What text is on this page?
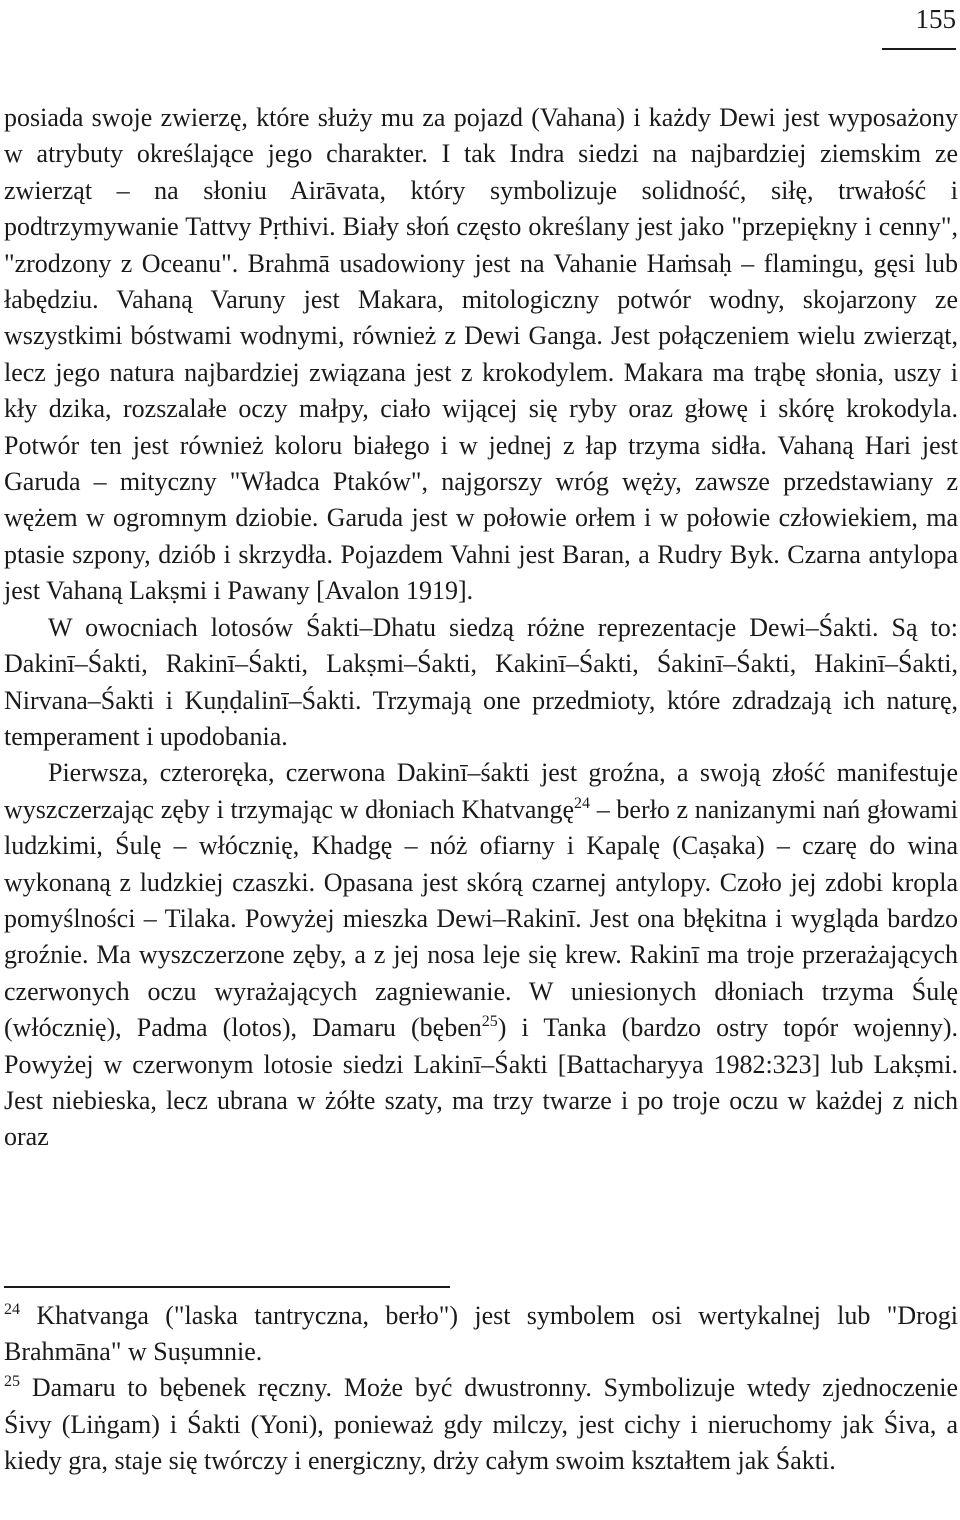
155

posiada swoje zwierzę, które służy mu za pojazd (Vahana) i każdy Dewi jest wyposażony w atrybuty określające jego charakter. I tak Indra siedzi na najbardziej ziemskim ze zwierząt – na słoniu Airāvata, który symbolizuje solidność, siłę, trwałość i podtrzymywanie Tattvy Pṛthivi. Biały słoń często określany jest jako "przepiękny i cenny", "zrodzony z Oceanu". Brahmā usadowiony jest na Vahanie Haṁsaḥ – flamingu, gęsi lub łabędziu. Vahaną Varuny jest Makara, mitologiczny potwór wodny, skojarzony ze wszystkimi bóstwami wodnymi, również z Dewi Ganga. Jest połączeniem wielu zwierząt, lecz jego natura najbardziej związana jest z krokodylem. Makara ma trąbę słonia, uszy i kły dzika, rozszalałe oczy małpy, ciało wijącej się ryby oraz głowę i skórę krokodyla. Potwór ten jest również koloru białego i w jednej z łap trzyma sidła. Vahaną Hari jest Garuda – mityczny "Władca Ptaków", najgorszy wróg węży, zawsze przedstawiany z wężem w ogromnym dziobie. Garuda jest w połowie orłem i w połowie człowiekiem, ma ptasie szpony, dziób i skrzydła. Pojazdem Vahni jest Baran, a Rudry Byk. Czarna antylopa jest Vahaną Lakṣmi i Pawany [Avalon 1919].

W owocniach lotosów Śakti–Dhatu siedzą różne reprezentacje Dewi–Śakti. Są to: Dakinī–Śakti, Rakinī–Śakti, Lakṣmi–Śakti, Kakinī–Śakti, Śakinī–Śakti, Hakinī–Śakti, Nirvana–Śakti i Kuṇḍalinī–Śakti. Trzymają one przedmioty, które zdradzają ich naturę, temperament i upodobania.

Pierwsza, czteroręka, czerwona Dakinī–śakti jest groźna, a swoją złość manifestuje wyszczerzając zęby i trzymając w dłoniach Khatvangę$^{24}$ – berło z nanizanymi nań głowami ludzkimi, Śulę – włócznię, Khadgę – nóż ofiarny i Kapalę (Caṣaka) – czarę do wina wykonaną z ludzkiej czaszki. Opasana jest skórą czarnej antylopy. Czoło jej zdobi kropla pomyślności – Tilaka. Powyżej mieszka Dewi–Rakinī. Jest ona błękitna i wygląda bardzo groźnie. Ma wyszczerzone zęby, a z jej nosa leje się krew. Rakinī ma troje przerażających czerwonych oczu wyrażających zagniewanie. W uniesionych dłoniach trzyma Śulę (włócznię), Padma (lotos), Damaru (bęben$^{25}$) i Tanka (bardzo ostry topór wojenny). Powyżej w czerwonym lotosie siedzi Lakinī–Śakti [Battacharyya 1982:323] lub Lakṣmi. Jest niebieska, lecz ubrana w żółte szaty, ma trzy twarze i po troje oczu w każdej z nich oraz

$^{24}$ Khatvanga ("laska tantryczna, berło") jest symbolem osi wertykalnej lub "Drogi Brahmāna" w Suṣumnie.

$^{25}$ Damaru to bębenek ręczny. Może być dwustronny. Symbolizuje wtedy zjednoczenie Śivy (Liṅgam) i Śakti (Yoni), ponieważ gdy milczy, jest cichy i nieruchomy jak Śiva, a kiedy gra, staje się twórczy i energiczny, drży całym swoim kształtem jak Śakti.
